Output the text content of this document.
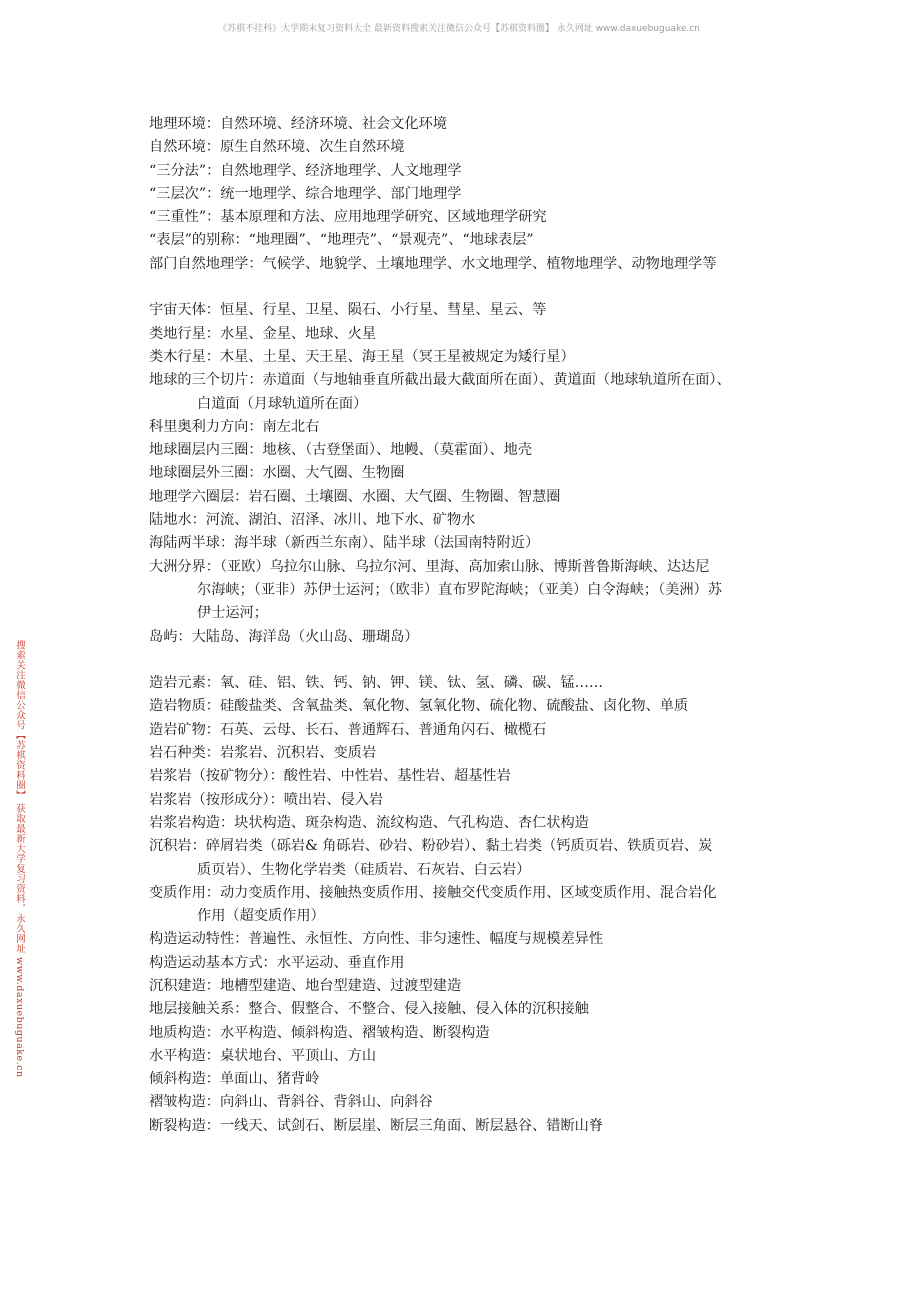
《苏棋不挂科》大学期末复习资料大全 最新资料搜索关注微信公众号【苏棋资料圈】 永久网址 www.daxuebuguake.cn
搜索关注微信公众号【苏棋资料圈】 获取最新大学复习资料，永久网址 www.daxuebuguake.cn
地理环境：自然环境、经济环境、社会文化环境
自然环境：原生自然环境、次生自然环境
“三分法”：自然地理学、经济地理学、人文地理学
“三层次”：统一地理学、综合地理学、部门地理学
“三重性”：基本原理和方法、应用地理学研究、区域地理学研究
“表层”的别称：“地理圈”、“地理壳”、“景观壳”、“地球表层”
部门自然地理学：气候学、地貌学、土壤地理学、水文地理学、植物地理学、动物地理学等
宇宙天体：恒星、行星、卫星、陨石、小行星、彗星、星云、等
类地行星：水星、金星、地球、火星
类木行星：木星、土星、天王星、海王星（冥王星被规定为矮行星）
地球的三个切片：赤道面（与地轴垂直所截出最大截面所在面）、黄道面（地球轨道所在面）、
白道面（月球轨道所在面）
科里奥利力方向：南左北右
地球圈层内三圈：地核、（古登堡面）、地幔、（莫霍面）、地壳
地球圈层外三圈：水圈、大气圈、生物圈
地理学六圈层：岩石圈、土壤圈、水圈、大气圈、生物圈、智慧圈
陆地水：河流、湖泊、沼泽、冰川、地下水、矿物水
海陆两半球：海半球（新西兰东南）、陆半球（法国南特附近）
大洲分界：（亚欧）乌拉尔山脉、乌拉尔河、里海、高加索山脉、博斯普鲁斯海峡、达达尼
尔海峡；（亚非）苏伊士运河；（欧非）直布罗陀海峡；（亚美）白令海峡；（美洲）苏
伊士运河；
岛屿：大陆岛、海洋岛（火山岛、珊瑚岛）
造岩元素：氧、硅、铝、铁、钙、钠、钾、镁、钛、氢、磷、碳、锰……
造岩物质：硅酸盐类、含氧盐类、氧化物、氢氧化物、硫化物、硫酸盐、卤化物、单质
造岩矿物：石英、云母、长石、普通辉石、普通角闪石、橄榄石
岩石种类：岩浆岩、沉积岩、变质岩
岩浆岩（按矿物分）：酸性岩、中性岩、基性岩、超基性岩
岩浆岩（按形成分）：喷出岩、侵入岩
岩浆岩构造：块状构造、斑杂构造、流纹构造、气孔构造、杏仁状构造
沉积岩：碎屑岩类（砾岩& 角砾岩、砂岩、粉砂岩）、黏土岩类（钙质页岩、铁质页岩、炭
质页岩）、生物化学岩类（硅质岩、石灰岩、白云岩）
变质作用：动力变质作用、接触热变质作用、接触交代变质作用、区域变质作用、混合岩化
作用（超变质作用）
构造运动特性：普遍性、永恒性、方向性、非匀速性、幅度与规模差异性
构造运动基本方式：水平运动、垂直作用
沉积建造：地槽型建造、地台型建造、过渡型建造
地层接触关系：整合、假整合、不整合、侵入接触、侵入体的沉积接触
地质构造：水平构造、倾斜构造、褶皱构造、断裂构造
水平构造：桌状地台、平顶山、方山
倾斜构造：单面山、猪背岭
褶皱构造：向斜山、背斜谷、背斜山、向斜谷
断裂构造：一线天、试剑石、断层崖、断层三角面、断层悬谷、错断山脊
